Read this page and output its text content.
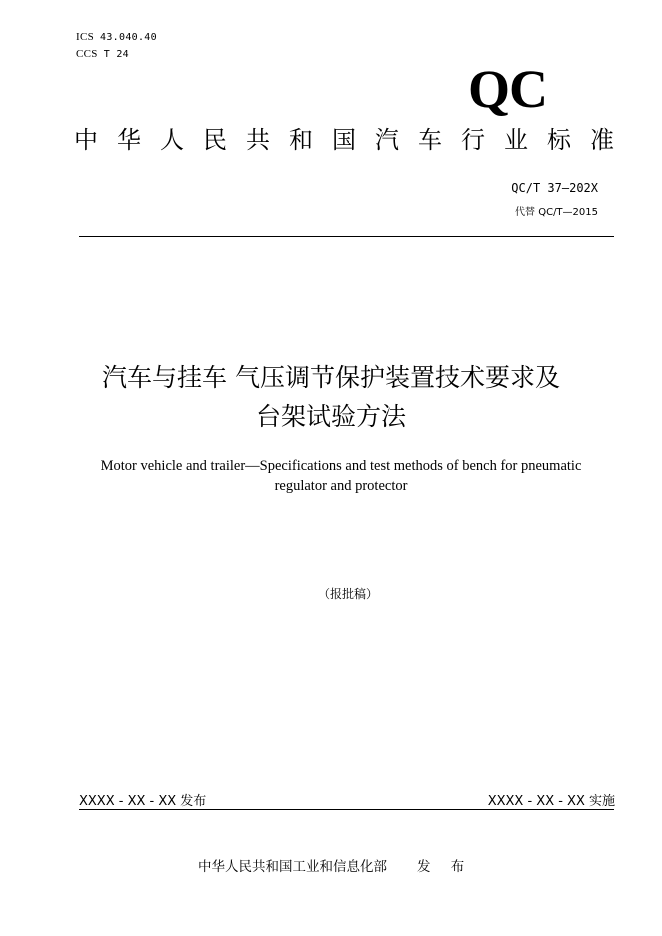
ICS 43.040.40
CCS T 24
QC
中 华 人 民 共 和 国 汽 车 行 业 标 准
QC/T 37—202X
代替 QC/T—2015
汽车与挂车 气压调节保护装置技术要求及
台架试验方法
Motor vehicle and trailer—Specifications and test methods of bench for pneumatic
regulator and protector
（报批稿）
XXXX - XX - XX 发布	XXXX - XX - XX 实施
中华人民共和国工业和信息化部 发 布
